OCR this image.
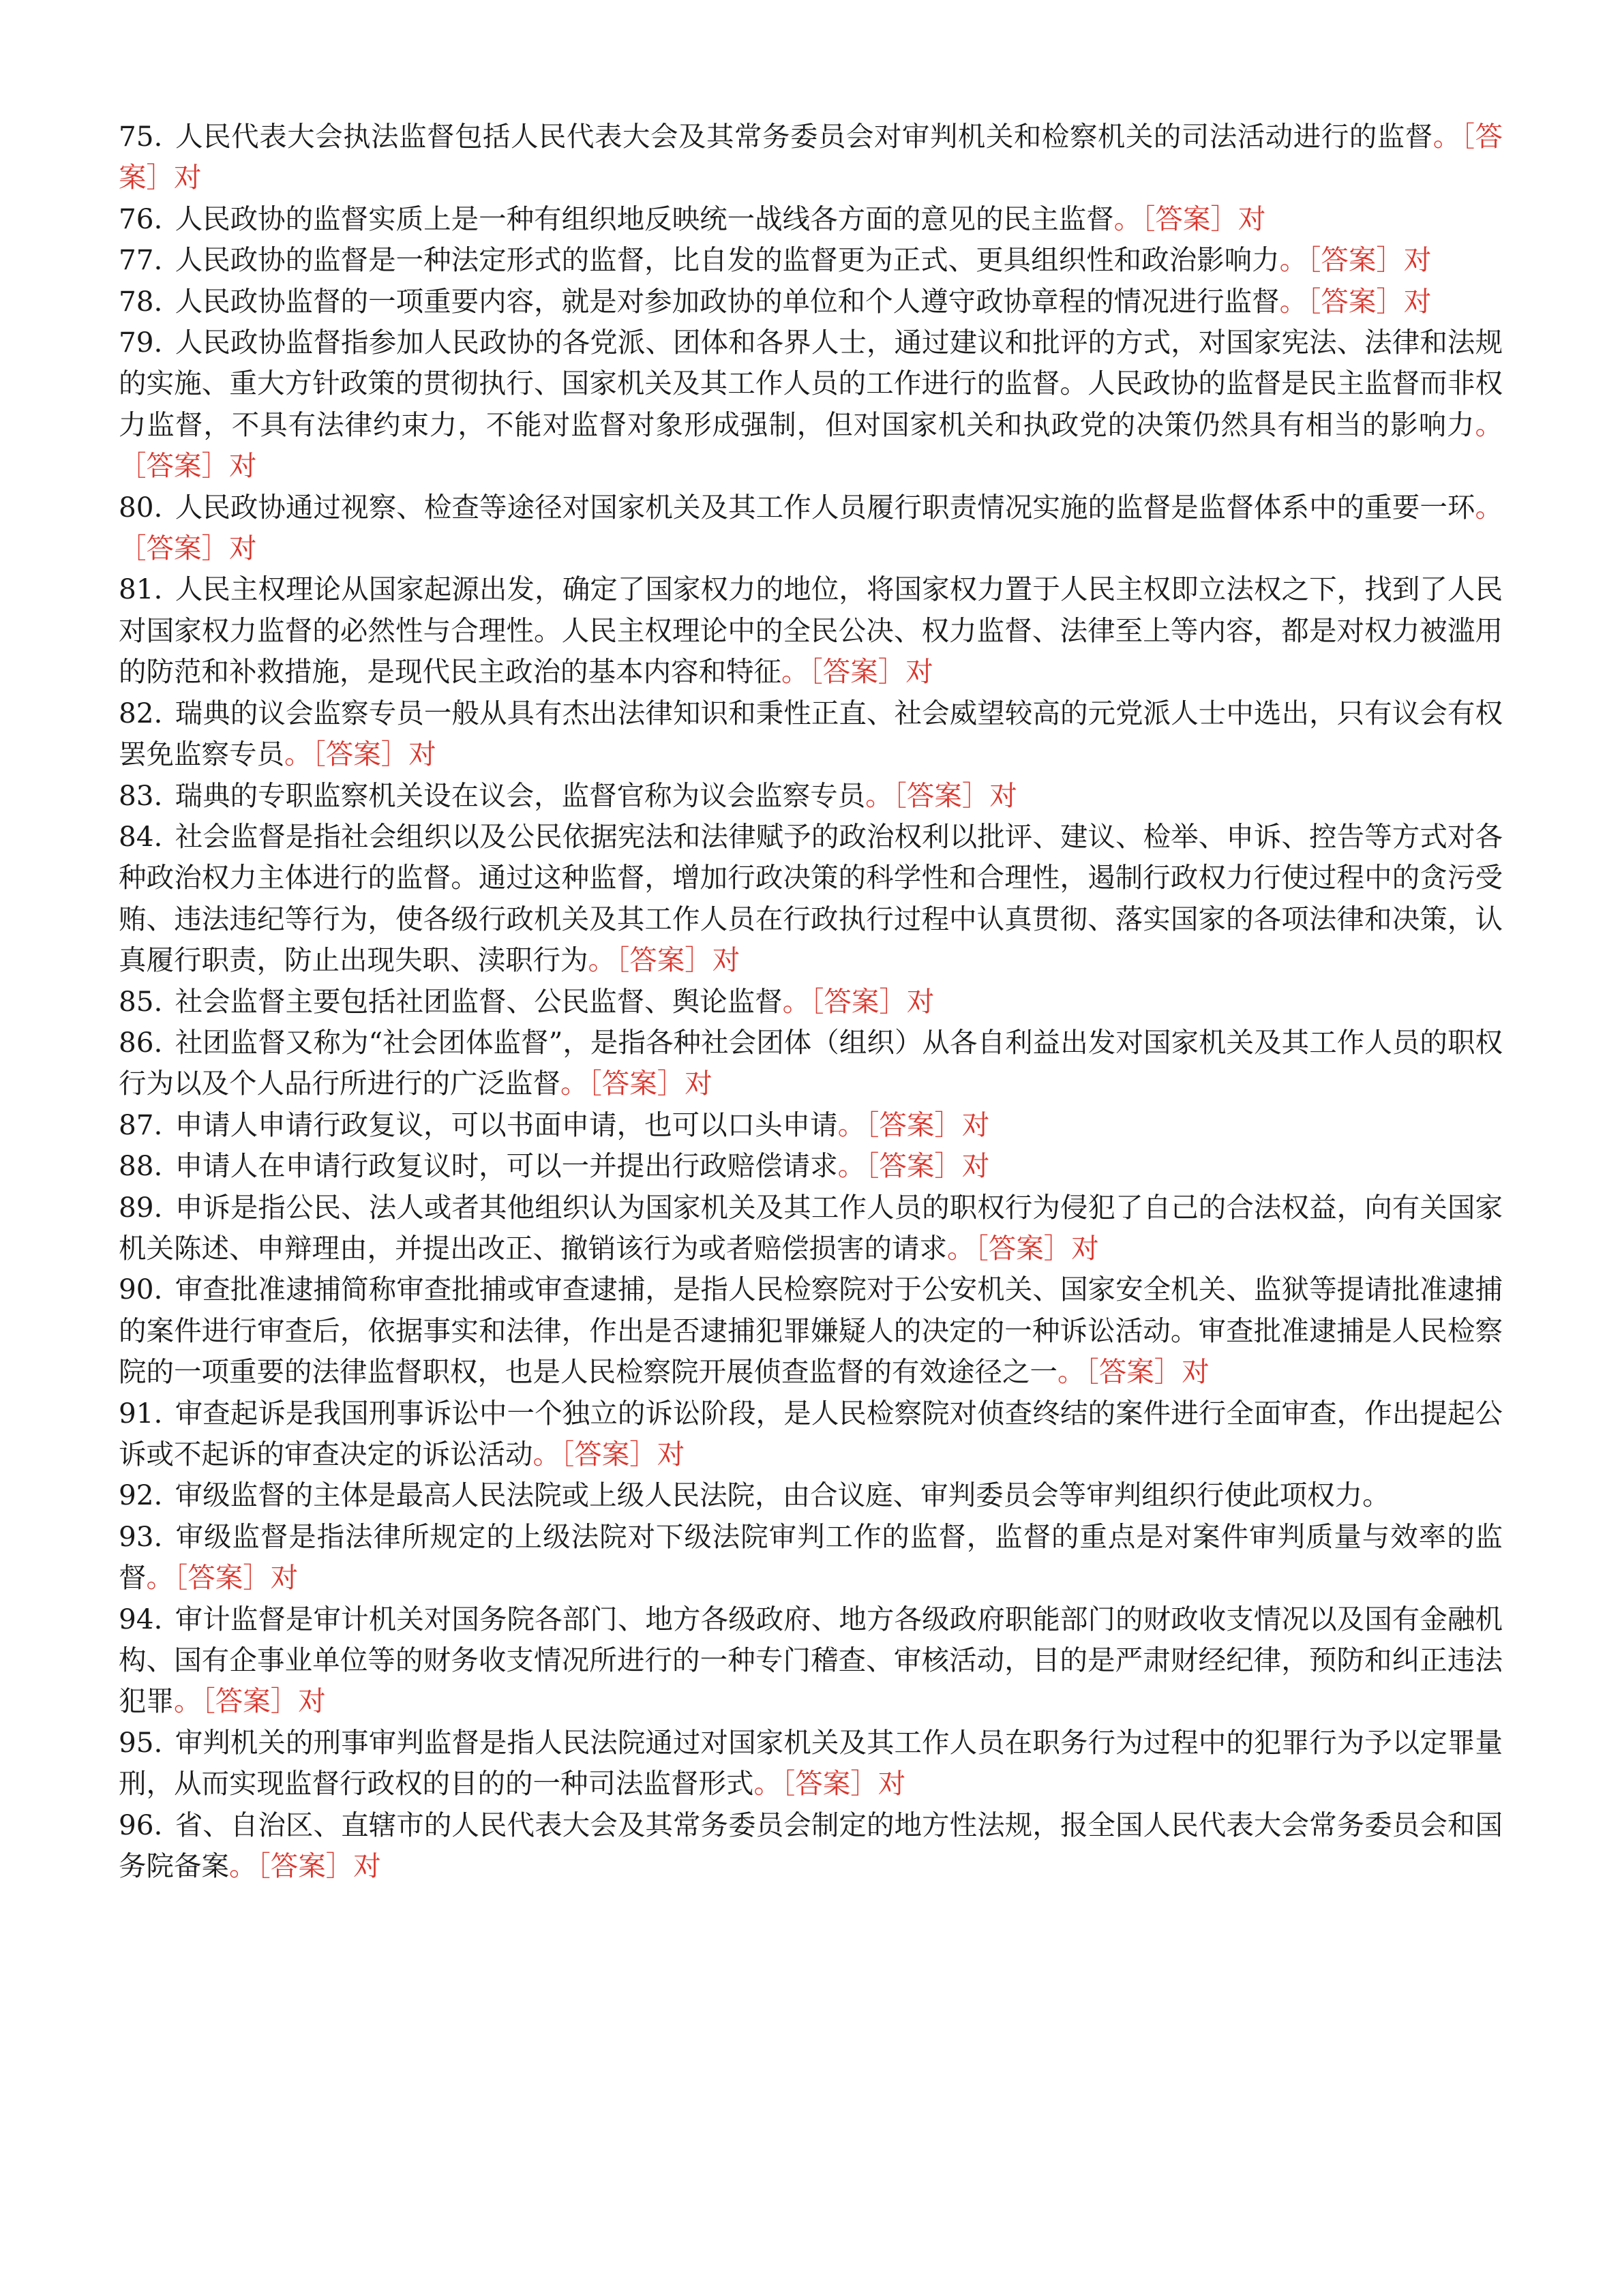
75. 人民代表大会执法监督包括人民代表大会及其常务委员会对审判机关和检察机关的司法活动进行的监督。［答案］对

76. 人民政协的监督实质上是一种有组织地反映统一战线各方面的意见的民主监督。［答案］对

77. 人民政协的监督是一种法定形式的监督，比自发的监督更为正式、更具组织性和政治影响力。［答案］对

78. 人民政协监督的一项重要内容，就是对参加政协的单位和个人遵守政协章程的情况进行监督。［答案］对

79. 人民政协监督指参加人民政协的各党派、团体和各界人士，通过建议和批评的方式，对国家宪法、法律和法规的实施、重大方针政策的贯彻执行、国家机关及其工作人员的工作进行的监督。人民政协的监督是民主监督而非权力监督，不具有法律约束力，不能对监督对象形成强制，但对国家机关和执政党的决策仍然具有相当的影响力。［答案］对

80. 人民政协通过视察、检查等途径对国家机关及其工作人员履行职责情况实施的监督是监督体系中的重要一环。［答案］对

81. 人民主权理论从国家起源出发，确定了国家权力的地位，将国家权力置于人民主权即立法权之下，找到了人民对国家权力监督的必然性与合理性。人民主权理论中的全民公决、权力监督、法律至上等内容，都是对权力被滥用的防范和补救措施，是现代民主政治的基本内容和特征。［答案］对

82. 瑞典的议会监察专员一般从具有杰出法律知识和秉性正直、社会威望较高的元党派人士中选出，只有议会有权罢免监察专员。［答案］对

83. 瑞典的专职监察机关设在议会，监督官称为议会监察专员。［答案］对

84. 社会监督是指社会组织以及公民依据宪法和法律赋予的政治权利以批评、建议、检举、申诉、控告等方式对各种政治权力主体进行的监督。通过这种监督，增加行政决策的科学性和合理性，遏制行政权力行使过程中的贪污受贿、违法违纪等行为，使各级行政机关及其工作人员在行政执行过程中认真贯彻、落实国家的各项法律和决策，认真履行职责，防止出现失职、渎职行为。［答案］对

85. 社会监督主要包括社团监督、公民监督、舆论监督。［答案］对

86. 社团监督又称为“社会团体监督”，是指各种社会团体（组织）从各自利益出发对国家机关及其工作人员的职权行为以及个人品行所进行的广泛监督。［答案］对

87. 申请人申请行政复议，可以书面申请，也可以口头申请。［答案］对

88. 申请人在申请行政复议时，可以一并提出行政赔偿请求。［答案］对

89. 申诉是指公民、法人或者其他组织认为国家机关及其工作人员的职权行为侵犯了自己的合法权益，向有关国家机关陈述、申辩理由，并提出改正、撤销该行为或者赔偿损害的请求。［答案］对

90. 审查批准逮捕简称审查批捕或审查逮捕，是指人民检察院对于公安机关、国家安全机关、监狱等提请批准逮捕的案件进行审查后，依据事实和法律，作出是否逮捕犯罪嫌疑人的决定的一种诉讼活动。审查批准逮捕是人民检察院的一项重要的法律监督职权，也是人民检察院开展侦查监督的有效途径之一。［答案］对

91. 审查起诉是我国刑事诉讼中一个独立的诉讼阶段，是人民检察院对侦查终结的案件进行全面审查，作出提起公诉或不起诉的审查决定的诉讼活动。［答案］对

92. 审级监督的主体是最高人民法院或上级人民法院，由合议庭、审判委员会等审判组织行使此项权力。

93. 审级监督是指法律所规定的上级法院对下级法院审判工作的监督，监督的重点是对案件审判质量与效率的监督。［答案］对

94. 审计监督是审计机关对国务院各部门、地方各级政府、地方各级政府职能部门的财政收支情况以及国有金融机构、国有企事业单位等的财务收支情况所进行的一种专门稽查、审核活动，目的是严肃财经纪律，预防和纠正违法犯罪。［答案］对

95. 审判机关的刑事审判监督是指人民法院通过对国家机关及其工作人员在职务行为过程中的犯罪行为予以定罪量刑，从而实现监督行政权的目的的一种司法监督形式。［答案］对

96. 省、自治区、直辖市的人民代表大会及其常务委员会制定的地方性法规，报全国人民代表大会常务委员会和国务院备案。［答案］对
